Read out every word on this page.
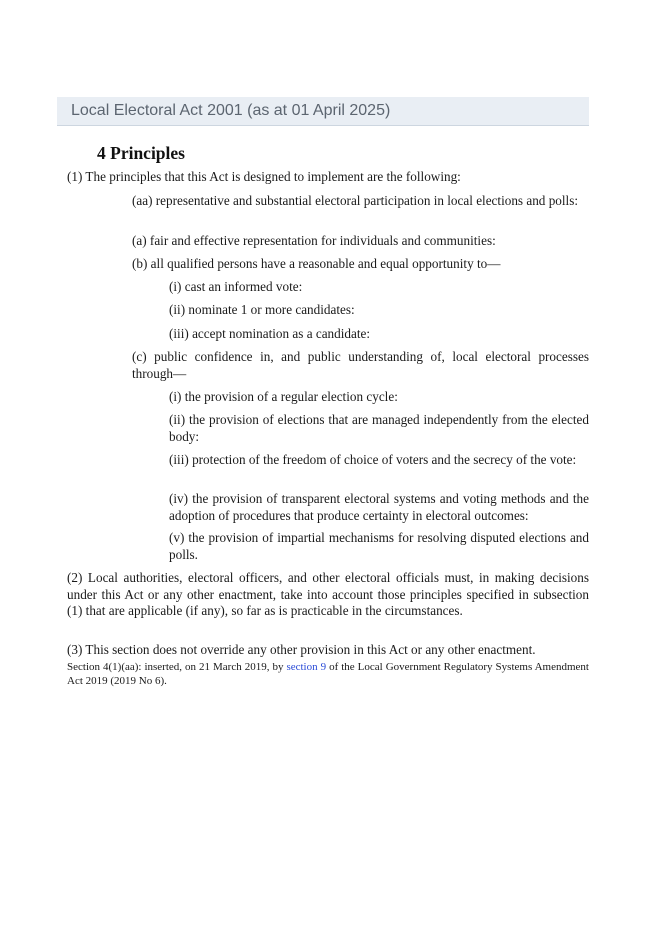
Local Electoral Act 2001 (as at 01 April 2025)
4 Principles

(1) The principles that this Act is designed to implement are the following:

(aa) representative and substantial electoral participation in local elections and polls:

(a) fair and effective representation for individuals and communities:

(b) all qualified persons have a reasonable and equal opportunity to—

(i) cast an informed vote:

(ii) nominate 1 or more candidates:

(iii) accept nomination as a candidate:

(c) public confidence in, and public understanding of, local electoral processes through—

(i) the provision of a regular election cycle:

(ii) the provision of elections that are managed independently from the elected body:

(iii) protection of the freedom of choice of voters and the secrecy of the vote:

(iv) the provision of transparent electoral systems and voting methods and the adoption of procedures that produce certainty in electoral outcomes:

(v) the provision of impartial mechanisms for resolving disputed elections and polls.

(2) Local authorities, electoral officers, and other electoral officials must, in making decisions under this Act or any other enactment, take into account those principles specified in subsection (1) that are applicable (if any), so far as is practicable in the circumstances.

(3) This section does not override any other provision in this Act or any other enactment.

Section 4(1)(aa): inserted, on 21 March 2019, by section 9 of the Local Government Regulatory Systems Amendment Act 2019 (2019 No 6).
